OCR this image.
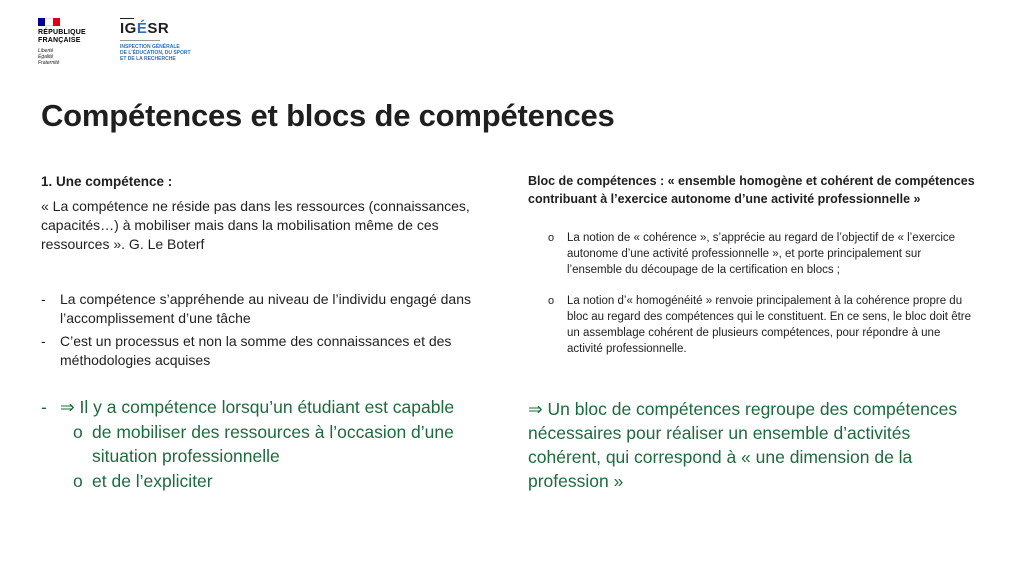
RÉPUBLIQUE
FRANÇAISE
Liberté
Égalité
Fraternité
IGÉSR
INSPECTION GÉNÉRALE
DE L'ÉDUCATION, DU SPORT
ET DE LA RECHERCHE
Compétences et blocs de compétences

1. Une compétence :

« La compétence ne réside pas dans les ressources (connaissances, capacités…) à mobiliser mais dans la mobilisation même de ces ressources ». G. Le Boterf

- La compétence s’appréhende au niveau de l’individu engagé dans l’accomplissement d’une tâche
- C’est un processus et non la somme des connaissances et des méthodologies acquises
- ⇒ Il y a compétence lorsqu’un étudiant est capable
o de mobiliser des ressources à l’occasion d’une situation professionnelle
o et de l’expliciter

Bloc de compétences : « ensemble homogène et cohérent de compétences contribuant à l’exercice autonome d’une activité professionnelle »

o La notion de « cohérence », s’apprécie au regard de l’objectif de « l’exercice autonome d’une activité professionnelle », et porte principalement sur l’ensemble du découpage de la certification en blocs ;
o La notion d’« homogénéité » renvoie principalement à la cohérence propre du bloc au regard des compétences qui le constituent. En ce sens, le bloc doit être un assemblage cohérent de plusieurs compétences, pour répondre à une activité professionnelle.

⇒ Un bloc de compétences regroupe des compétences nécessaires pour réaliser un ensemble d’activités cohérent, qui correspond à « une dimension de la profession »
